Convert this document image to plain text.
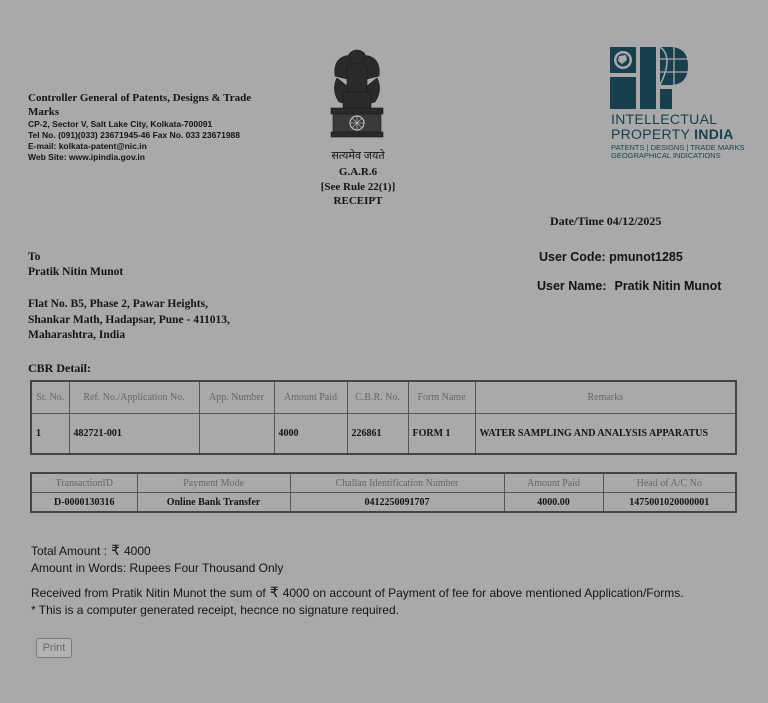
Controller General of Patents, Designs & Trade Marks
CP-2, Sector V, Salt Lake City, Kolkata-700091
Tel No. (091)(033) 23671945-46 Fax No. 033 23671988
E-mail: kolkata-patent@nic.in
Web Site: www.ipindia.gov.in	सत्यमेव जयते
G.A.R.6
[See Rule 22(1)]
RECEIPT
INTELLECTUAL
PROPERTY INDIA
PATENTS | DESIGNS | TRADE MARKS
GEOGRAPHICAL INDICATIONS
Date/Time 04/12/2025
To
Pratik Nitin Munot
Flat No. B5, Phase 2, Pawar Heights,
Shankar Math, Hadapsar, Pune - 411013,
Maharashtra, India
User Code: pmunot1285
User Name: Pratik Nitin Munot
CBR Detail:
Sr. No.	Ref. No./Application No.	App. Number	Amount Paid	C.B.R. No.	Form Name	Remarks
1	482721-001		4000	226861	FORM 1	WATER SAMPLING AND ANALYSIS APPARATUS
TransactionID	Payment Mode	Challan Identification Number	Amount Paid	Head of A/C No
D-0000130316	Online Bank Transfer	0412250091707	4000.00	1475001020000001
Total Amount : ₹ 4000
Amount in Words: Rupees Four Thousand Only
Received from Pratik Nitin Munot the sum of ₹ 4000 on account of Payment of fee for above mentioned Application/Forms.
* This is a computer generated receipt, hecnce no signature required.
Print
